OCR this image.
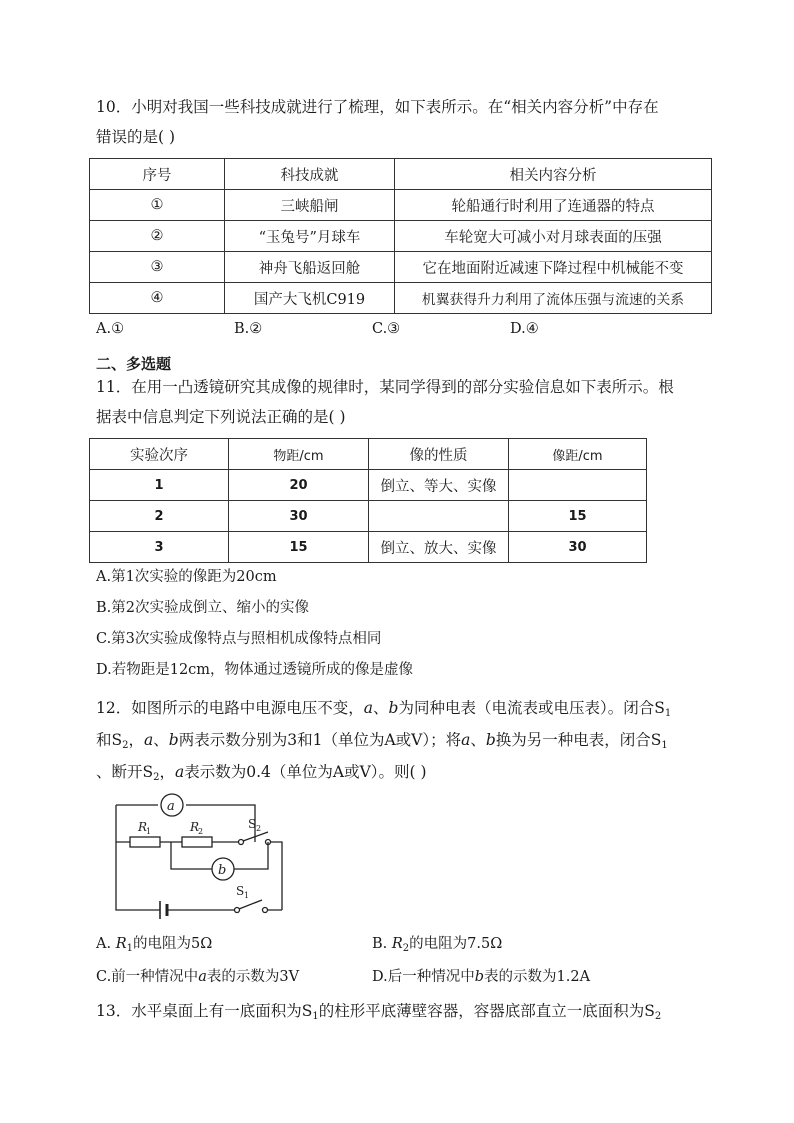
10．小明对我国一些科技成就进行了梳理，如下表所示。在“相关内容分析”中存在
错误的是( )
序号	科技成就	相关内容分析
①	三峡船闸	轮船通行时利用了连通器的特点
②	“玉兔号”月球车	车轮宽大可减小对月球表面的压强
③	神舟飞船返回舱	它在地面附近减速下降过程中机械能不变
④	国产大飞机C919	机翼获得升力利用了流体压强与流速的关系
A.①	B.②	C.③	D.④
二、多选题
11．在用一凸透镜研究其成像的规律时，某同学得到的部分实验信息如下表所示。根
据表中信息判定下列说法正确的是( )
实验次序	物距/cm	像的性质	像距/cm
1	20	倒立、等大、实像	
2	30		15
3	15	倒立、放大、实像	30
A.第1次实验的像距为20cm
B.第2次实验成倒立、缩小的实像
C.第3次实验成像特点与照相机成像特点相同
D.若物距是12cm，物体通过透镜所成的像是虚像
12．如图所示的电路中电源电压不变，a、b为同种电表（电流表或电压表）。闭合$S_1$
和$S_2$，a、b两表示数分别为3和1（单位为A或V）；将a、b换为另一种电表，闭合$S_1$
、断开$S_2$，a表示数为0.4（单位为A或V）。则( )
a
b
R
1	R
2
S 2
S 1
A. $R_1$的电阻为5Ω	B. $R_2$的电阻为7.5Ω
C.前一种情况中a表的示数为3V	D.后一种情况中b表的示数为1.2A
13．水平桌面上有一底面积为$S_1$的柱形平底薄壁容器，容器底部直立一底面积为$S_2$
